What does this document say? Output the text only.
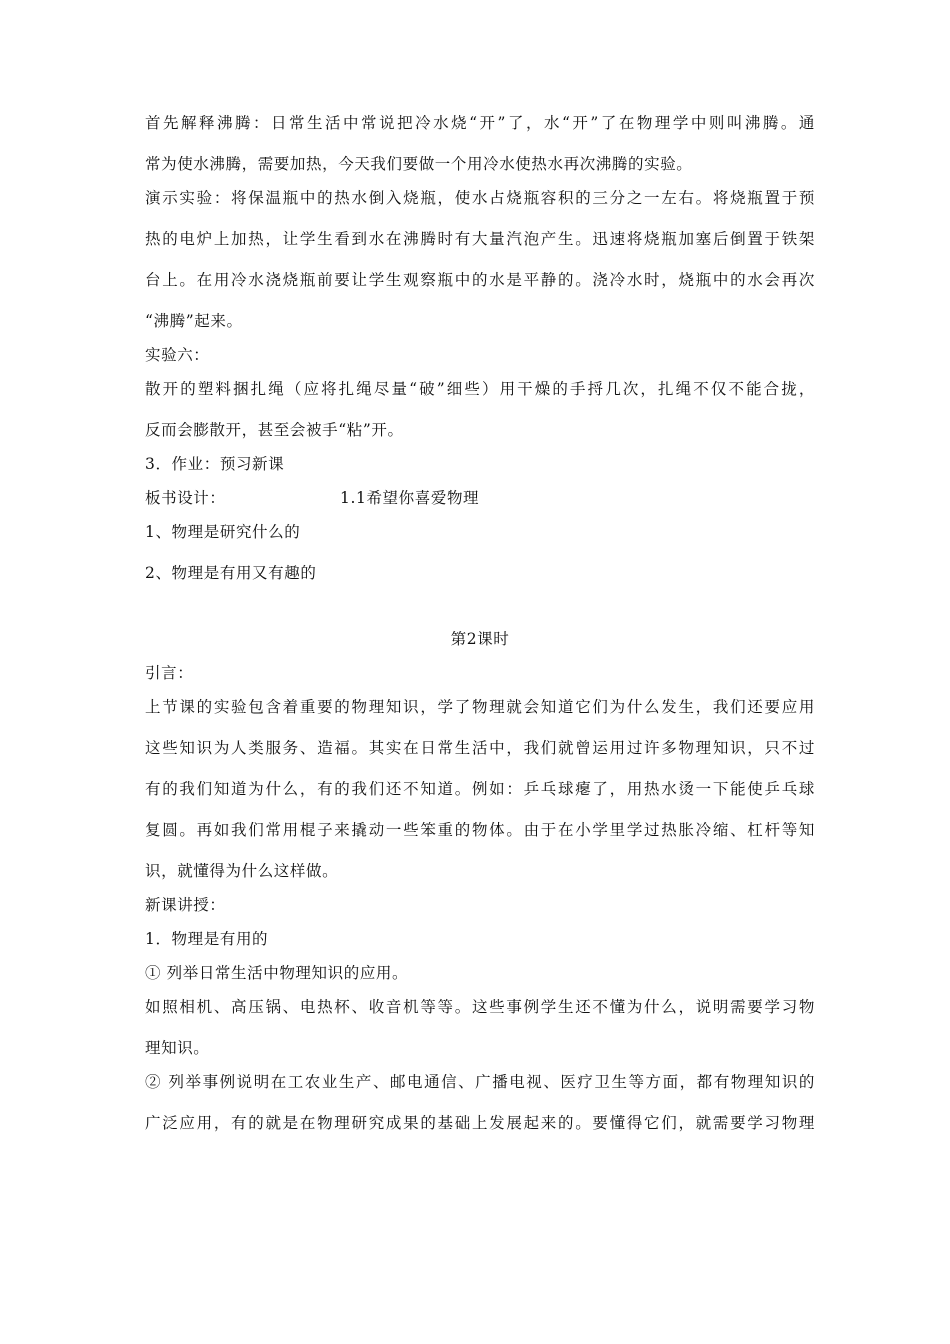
首先解释沸腾：日常生活中常说把冷水烧“开”了，水“开”了在物理学中则叫沸腾。通
常为使水沸腾，需要加热，今天我们要做一个用冷水使热水再次沸腾的实验。
演示实验：将保温瓶中的热水倒入烧瓶，使水占烧瓶容积的三分之一左右。将烧瓶置于预
热的电炉上加热，让学生看到水在沸腾时有大量汽泡产生。迅速将烧瓶加塞后倒置于铁架
台上。在用冷水浇烧瓶前要让学生观察瓶中的水是平静的。浇冷水时，烧瓶中的水会再次
“沸腾”起来。
实验六：
散开的塑料捆扎绳（应将扎绳尽量“破”细些）用干燥的手捋几次，扎绳不仅不能合拢，
反而会膨散开，甚至会被手“粘”开。
3．作业：预习新课
板书设计：	1.1希望你喜爱物理
1、物理是研究什么的
2、物理是有用又有趣的
第2课时
引言：
上节课的实验包含着重要的物理知识，学了物理就会知道它们为什么发生，我们还要应用
这些知识为人类服务、造福。其实在日常生活中，我们就曾运用过许多物理知识，只不过
有的我们知道为什么，有的我们还不知道。例如：乒乓球瘪了，用热水烫一下能使乒乓球
复圆。再如我们常用棍子来撬动一些笨重的物体。由于在小学里学过热胀冷缩、杠杆等知
识，就懂得为什么这样做。
新课讲授：
1．物理是有用的
① 列举日常生活中物理知识的应用。
如照相机、高压锅、电热杯、收音机等等。这些事例学生还不懂为什么，说明需要学习物
理知识。
② 列举事例说明在工农业生产、邮电通信、广播电视、医疗卫生等方面，都有物理知识的
广泛应用，有的就是在物理研究成果的基础上发展起来的。要懂得它们，就需要学习物理
